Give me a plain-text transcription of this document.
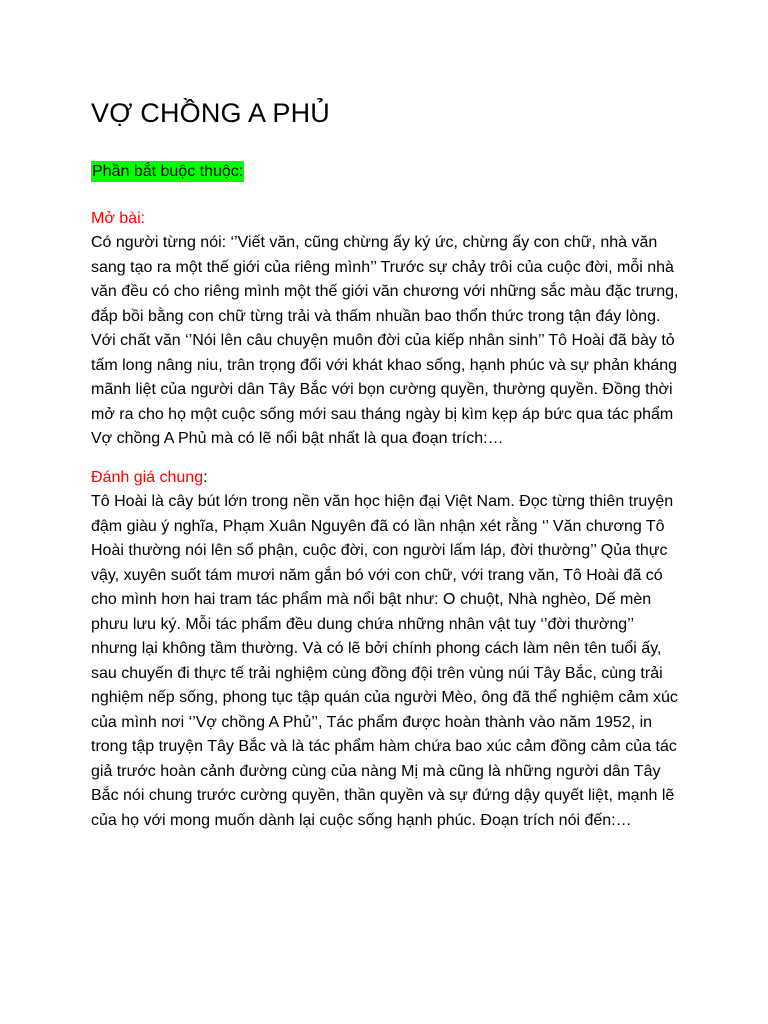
VỢ CHỒNG A PHỦ
Phần bắt buộc thuộc:
Mở bài:
Có người từng nói: ‘’Viết văn, cũng chừng ấy ký ức, chừng ấy con chữ, nhà văn
sang tạo ra một thế giới của riêng mình’’ Trước sự chảy trôi của cuộc đời, mỗi nhà
văn đều có cho riêng mình một thế giới văn chương với những sắc màu đặc trưng,
đắp bồi bằng con chữ từng trải và thấm nhuần bao thổn thức trong tận đáy lòng.
Với chất văn ‘’Nói lên câu chuyện muôn đời của kiếp nhân sinh’’ Tô Hoài đã bày tỏ
tấm long nâng niu, trân trọng đối với khát khao sống, hạnh phúc và sự phản kháng
mãnh liệt của người dân Tây Bắc với bọn cường quyền, thường quyền. Đồng thời
mở ra cho họ một cuộc sống mới sau tháng ngày bị kìm kẹp áp bức qua tác phẩm
Vợ chồng A Phủ mà có lẽ nổi bật nhất là qua đoạn trích:…
Đánh giá chung:
Tô Hoài là cây bút lớn trong nền văn học hiện đại Việt Nam. Đọc từng thiên truyện
đậm giàu ý nghĩa, Phạm Xuân Nguyên đã có lần nhận xét rằng ‘’ Văn chương Tô
Hoài thường nói lên số phận, cuộc đời, con người lấm láp, đời thường’’ Qủa thực
vậy, xuyên suốt tám mươi năm gắn bó với con chữ, với trang văn, Tô Hoài đã có
cho mình hơn hai tram tác phẩm mà nổi bật như: O chuột, Nhà nghèo, Dế mèn
phưu lưu ký. Mỗi tác phẩm đều dung chứa những nhân vật tuy ‘’đời thường’’
nhưng lại không tầm thường. Và có lẽ bởi chính phong cách làm nên tên tuổi ấy,
sau chuyến đi thực tế trải nghiệm cùng đồng đội trên vùng núi Tây Bắc, cùng trải
nghiệm nếp sống, phong tục tập quán của người Mèo, ông đã thể nghiệm cảm xúc
của mình nơi ‘’Vợ chồng A Phủ’’, Tác phẩm được hoàn thành vào năm 1952, in
trong tập truyện Tây Bắc và là tác phẩm hàm chứa bao xúc cảm đồng cảm của tác
giả trước hoàn cảnh đường cùng của nàng Mị mà cũng là những người dân Tây
Bắc nói chung trước cường quyền, thần quyền và sự đứng dậy quyết liệt, mạnh lẽ
của họ với mong muốn dành lại cuộc sống hạnh phúc. Đoạn trích nói đến:…
